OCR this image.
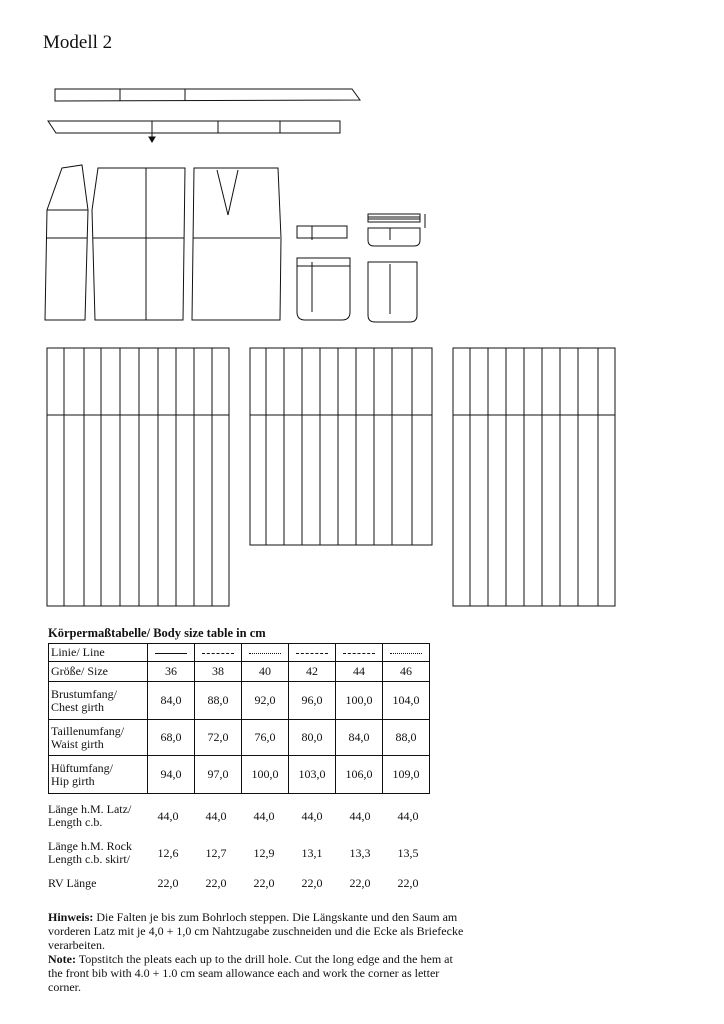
Modell 2
Körpermaßtabelle/ Body size table in cm
Linie/ Line						
Größe/ Size	36	38	40	42	44	46
Brustumfang/
Chest girth	84,0	88,0	92,0	96,0	100,0	104,0
Taillenumfang/
Waist girth	68,0	72,0	76,0	80,0	84,0	88,0
Hüftumfang/
Hip girth	94,0	97,0	100,0	103,0	106,0	109,0
Länge h.M. Latz/
Length c.b.	44,0	44,0	44,0	44,0	44,0	44,0
Länge h.M. Rock
Length c.b. skirt/	12,6	12,7	12,9	13,1	13,3	13,5
RV Länge	22,0	22,0	22,0	22,0	22,0	22,0
Hinweis: Die Falten je bis zum Bohrloch steppen. Die Längskante und den Saum am vorderen Latz mit je 4,0 + 1,0 cm Nahtzugabe zuschneiden und die Ecke als Briefecke verarbeiten.
Note: Topstitch the pleats each up to the drill hole. Cut the long edge and the hem at the front bib with 4.0 + 1.0 cm seam allowance each and work the corner as letter corner.
